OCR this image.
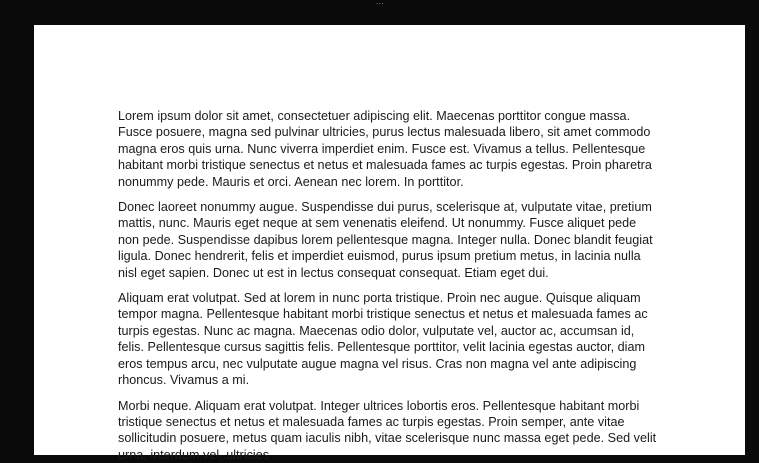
⋯

Lorem ipsum dolor sit amet, consectetuer adipiscing elit. Maecenas porttitor congue massa. Fusce posuere, magna sed pulvinar ultricies, purus lectus malesuada libero, sit amet commodo magna eros quis urna. Nunc viverra imperdiet enim. Fusce est. Vivamus a tellus. Pellentesque habitant morbi tristique senectus et netus et malesuada fames ac turpis egestas. Proin pharetra nonummy pede. Mauris et orci. Aenean nec lorem. In porttitor.

Donec laoreet nonummy augue. Suspendisse dui purus, scelerisque at, vulputate vitae, pretium mattis, nunc. Mauris eget neque at sem venenatis eleifend. Ut nonummy. Fusce aliquet pede non pede. Suspendisse dapibus lorem pellentesque magna. Integer nulla. Donec blandit feugiat ligula. Donec hendrerit, felis et imperdiet euismod, purus ipsum pretium metus, in lacinia nulla nisl eget sapien. Donec ut est in lectus consequat consequat. Etiam eget dui.

Aliquam erat volutpat. Sed at lorem in nunc porta tristique. Proin nec augue. Quisque aliquam tempor magna. Pellentesque habitant morbi tristique senectus et netus et malesuada fames ac turpis egestas. Nunc ac magna. Maecenas odio dolor, vulputate vel, auctor ac, accumsan id, felis. Pellentesque cursus sagittis felis. Pellentesque porttitor, velit lacinia egestas auctor, diam eros tempus arcu, nec vulputate augue magna vel risus. Cras non magna vel ante adipiscing rhoncus. Vivamus a mi.

Morbi neque. Aliquam erat volutpat. Integer ultrices lobortis eros. Pellentesque habitant morbi tristique senectus et netus et malesuada fames ac turpis egestas. Proin semper, ante vitae sollicitudin posuere, metus quam iaculis nibh, vitae scelerisque nunc massa eget pede. Sed velit urna, interdum vel, ultricies
